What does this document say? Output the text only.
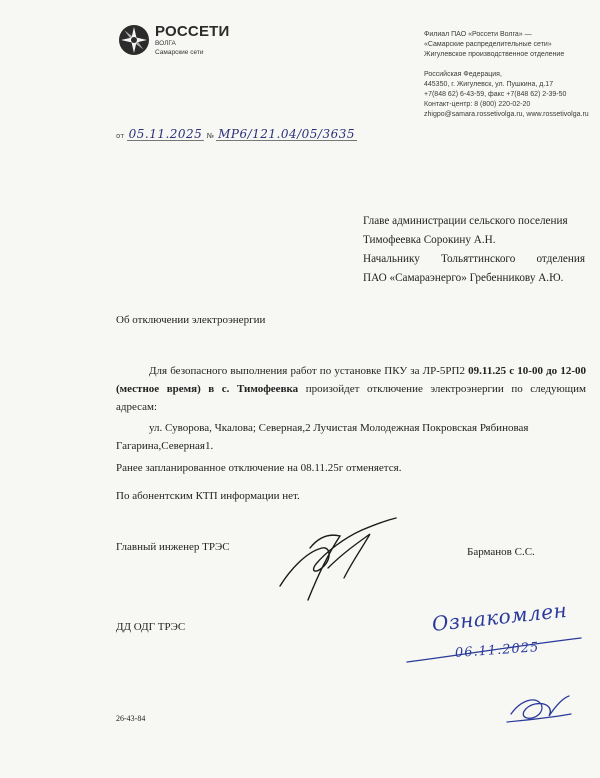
РОССЕТИ
ВОЛГА
Самарские сети
Филиал ПАО «Россети Волга» —
«Самарские распределительные сети»
Жигулевское производственное отделение
Российская Федерация,
445350, г. Жигулевск, ул. Пушкина, д.17
+7(848 62) 6-43-59, факс +7(848 62) 2-39-50
Контакт-центр: 8 (800) 220-02-20
zhigpo@samara.rossetivolga.ru, www.rossetivolga.ru
от 05.11.2025 № МР6/121.04/05/3635
Главе администрации сельского поселения
Тимофеевка Сорокину А.Н.
Начальнику Тольяттинского отделения
ПАО «Самараэнерго» Гребенникову А.Ю.
Об отключении электроэнергии

Для безопасного выполнения работ по установке ПКУ за ЛР-5РП2 09.11.25 с 10-00 до 12-00 (местное время) в с. Тимофеевка произойдет отключение электроэнергии по следующим адресам:

ул. Суворова, Чкалова; Северная,2 Лучистая Молодежная Покровская Рябиновая Гагарина,Северная1.

Ранее запланированное отключение на 08.11.25г отменяется.

По абонентским КТП информации нет.

Главный инженер ТРЭС	Барманов С.С.
ДД ОДГ ТРЭС
26-43-84
Ознакомлен
06.11.2025
